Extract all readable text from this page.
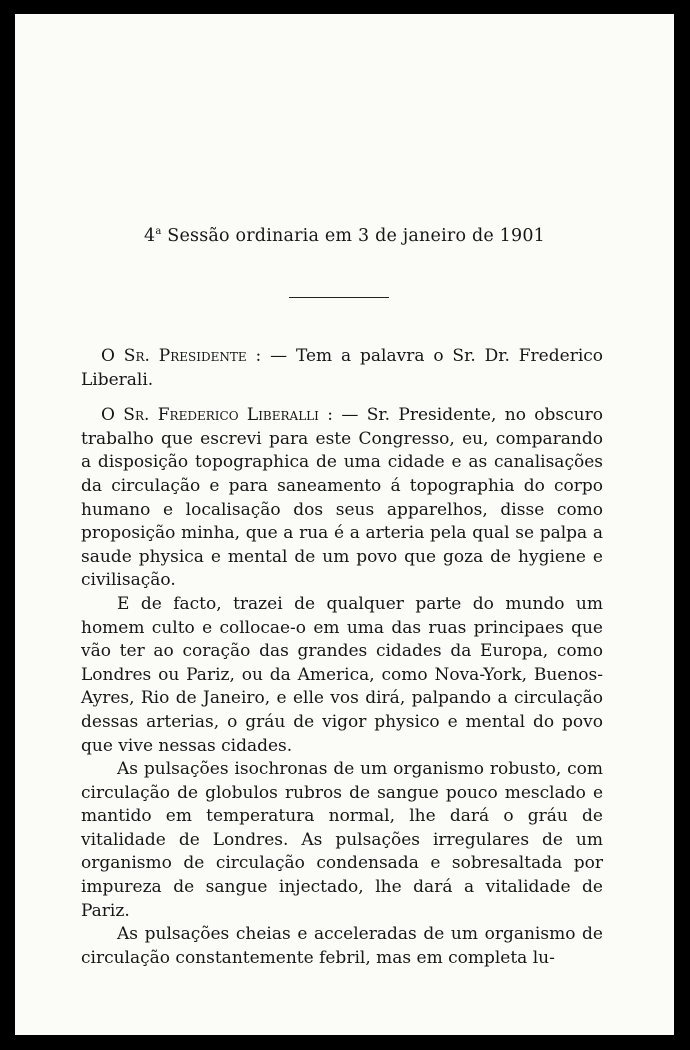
4$^a$ Sessão ordinaria em 3 de janeiro de 1901

O Sr. Presidente : — Tem a palavra o Sr. Dr. Frederico Liberali.

O Sr. Frederico Liberalli : — Sr. Presidente, no obscuro trabalho que escrevi para este Congresso, eu, comparando a disposição topographica de uma cidade e as canalisações da circulação e para saneamento á topographia do corpo humano e localisação dos seus apparelhos, disse como proposição minha, que a rua é a arteria pela qual se palpa a saude physica e mental de um povo que goza de hygiene e civilisação.

E de facto, trazei de qualquer parte do mundo um homem culto e collocae-o em uma das ruas principaes que vão ter ao coração das grandes cidades da Europa, como Londres ou Pariz, ou da America, como Nova-York, Buenos-Ayres, Rio de Janeiro, e elle vos dirá, palpando a circulação dessas arterias, o gráu de vigor physico e mental do povo que vive nessas cidades.

As pulsações isochronas de um organismo robusto, com circulação de globulos rubros de sangue pouco mesclado e mantido em temperatura normal, lhe dará o gráu de vitalidade de Londres. As pulsações irregulares de um organismo de circulação condensada e sobresaltada por impureza de sangue injectado, lhe dará a vitalidade de Pariz.

As pulsações cheias e acceleradas de um organismo de circulação constantemente febril, mas em completa lu-
